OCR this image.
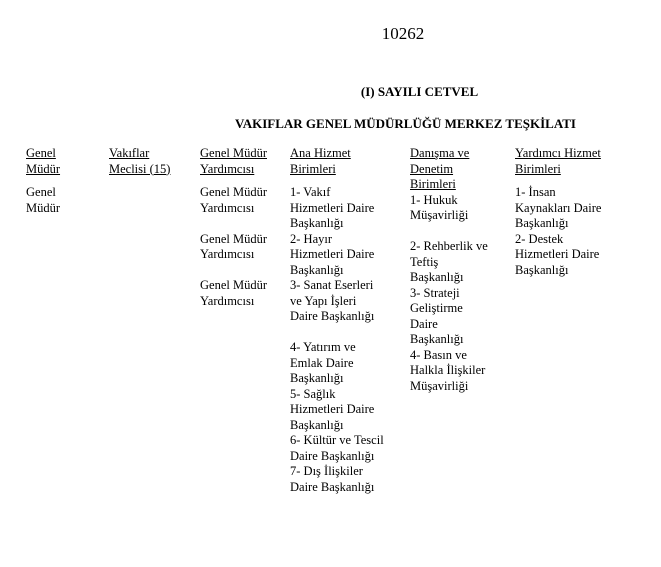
10262
(I) SAYILI CETVEL
VAKIFLAR GENEL MÜDÜRLÜĞÜ MERKEZ TEŞKİLATI
Genel
Müdür

Genel
Müdür

Vakıflar
Meclisi (15)
Genel Müdür
Yardımcısı

Genel Müdür
Yardımcısı

Genel Müdür
Yardımcısı

Genel Müdür
Yardımcısı

Ana Hizmet
Birimleri

1- Vakıf
Hizmetleri Daire
Başkanlığı

2- Hayır
Hizmetleri Daire
Başkanlığı

3- Sanat Eserleri
ve Yapı İşleri
Daire Başkanlığı

4- Yatırım ve
Emlak Daire
Başkanlığı

5- Sağlık
Hizmetleri Daire
Başkanlığı

6- Kültür ve Tescil
Daire Başkanlığı

7- Dış İlişkiler
Daire Başkanlığı

Danışma ve
Denetim
Birimleri

1- Hukuk
Müşavirliği

2- Rehberlik ve
Teftiş
Başkanlığı

3- Strateji
Geliştirme
Daire
Başkanlığı

4- Basın ve
Halkla İlişkiler
Müşavirliği

Yardımcı Hizmet
Birimleri

1- İnsan
Kaynakları Daire
Başkanlığı

2- Destek
Hizmetleri Daire
Başkanlığı
